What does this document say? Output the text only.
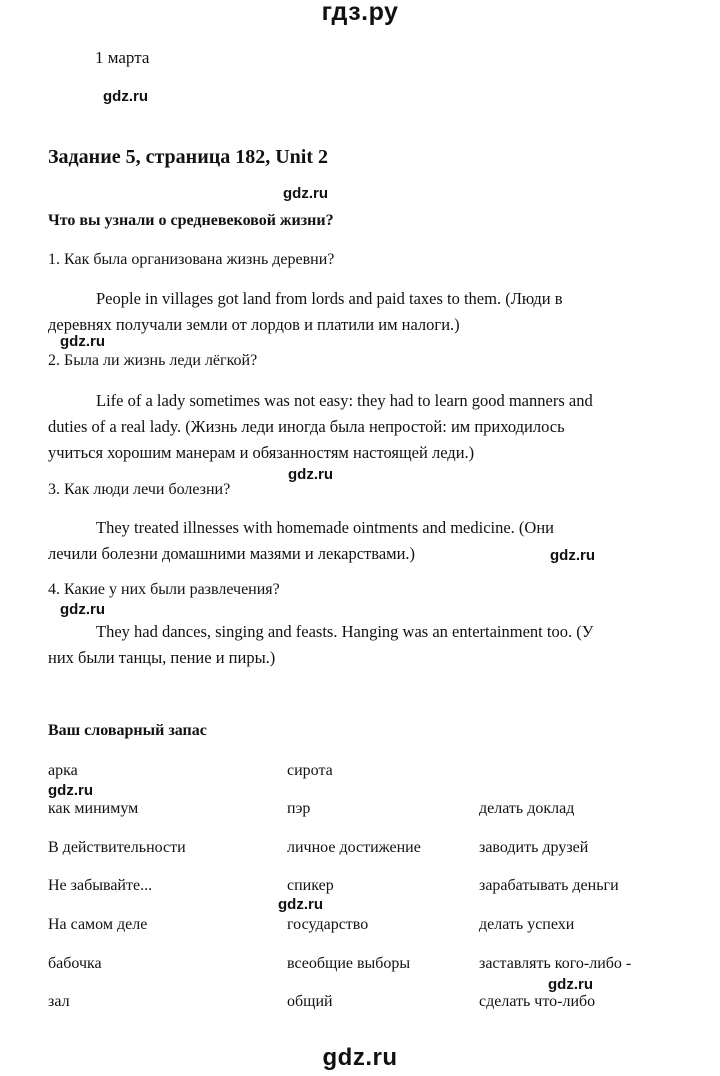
гдз.ру
1 марта
gdz.ru
Задание 5, страница 182, Unit 2
gdz.ru
Что вы узнали о средневековой жизни?
1. Как была организована жизнь деревни?
People in villages got land from lords and paid taxes to them. (Люди в
деревнях получали земли от лордов и платили им налоги.)
gdz.ru
2. Была ли жизнь леди лёгкой?
Life of a lady sometimes was not easy: they had to learn good manners and
duties of a real lady. (Жизнь леди иногда была непростой: им приходилось
учиться хорошим манерам и обязанностям настоящей леди.)
gdz.ru
3. Как люди лечи болезни?
They treated illnesses with homemade ointments and medicine. (Они
лечили болезни домашними мазями и лекарствами.)	gdz.ru
4. Какие у них были развлечения?
gdz.ru
They had dances, singing and feasts. Hanging was an entertainment too. (У
них были танцы, пение и пиры.)
Ваш словарный запас
арка	сирота
gdz.ru
как минимум	пэр	делать доклад
В действительности	личное достижение	заводить друзей
Не забывайте...	спикер	зарабатывать деньги
gdz.ru
На самом деле	государство	делать успехи
бабочка	всеобщие выборы	заставлять кого-либо -
gdz.ru
зал	общий	сделать что-либо
gdz.ru
